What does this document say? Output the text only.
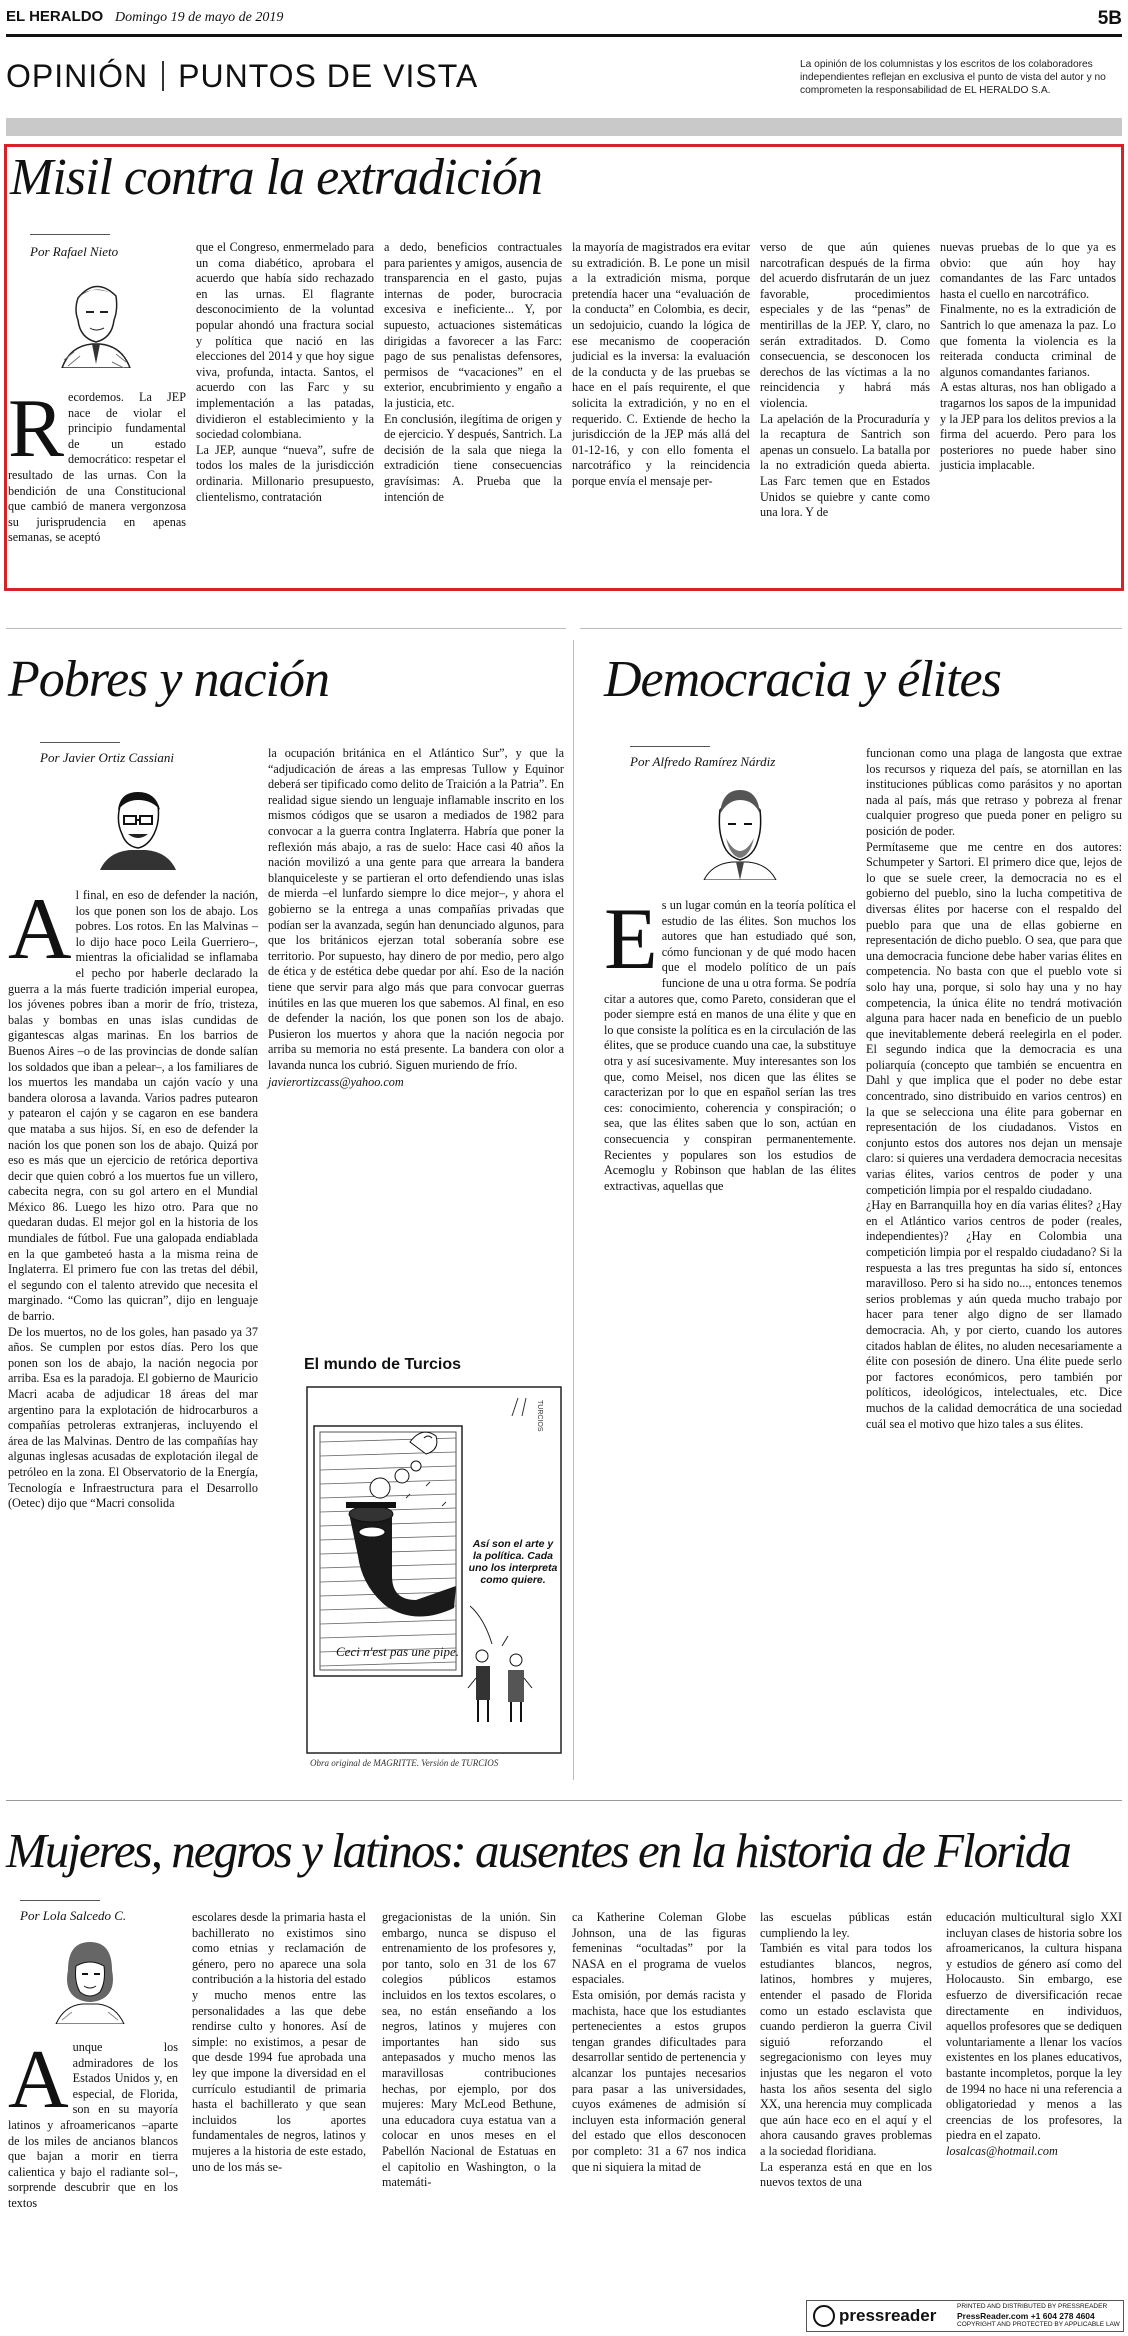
EL HERALDO Domingo 19 de mayo de 2019	5B
OPINIÓN PUNTOS DE VISTA	La opinión de los columnistas y los escritos de los colaboradores independientes reflejan en exclusiva el punto de vista del autor y no comprometen la responsabilidad de EL HERALDO S.A.
Misil contra la extradición
Por Rafael Nieto
Recordemos. La JEP nace de violar el principio fundamental de un estado democrático: respetar el resultado de las urnas. Con la bendición de una Constitucional que cambió de manera vergonzosa su jurisprudencia en apenas semanas, se aceptó
que el Congreso, enmermelado para un coma diabético, aprobara el acuerdo que había sido rechazado en las urnas. El flagrante desconocimiento de la voluntad popular ahondó una fractura social y política que nació en las elecciones del 2014 y que hoy sigue viva, profunda, intacta. Santos, el acuerdo con las Farc y su implementación a las patadas, dividieron el establecimiento y la sociedad colombiana.
La JEP, aunque “nueva”, sufre de todos los males de la jurisdicción ordinaria. Millonario presupuesto, clientelismo, contratación
a dedo, beneficios contractuales para parientes y amigos, ausencia de transparencia en el gasto, pujas internas de poder, burocracia excesiva e ineficiente... Y, por supuesto, actuaciones sistemáticas dirigidas a favorecer a las Farc: pago de sus penalistas defensores, permisos de “vacaciones” en el exterior, encubrimiento y engaño a la justicia, etc.
En conclusión, ilegítima de origen y de ejercicio. Y después, Santrich. La decisión de la sala que niega la extradición tiene consecuencias gravísimas: A. Prueba que la intención de
la mayoría de magistrados era evitar su extradición. B. Le pone un misil a la extradición misma, porque pretendía hacer una “evaluación de la conducta” en Colombia, es decir, un sedojuicio, cuando la lógica de ese mecanismo de cooperación judicial es la inversa: la evaluación de la conducta y de las pruebas se hace en el país requirente, el que solicita la extradición, y no en el requerido. C. Extiende de hecho la jurisdicción de la JEP más allá del 01-12-16, y con ello fomenta el narcotráfico y la reincidencia porque envía el mensaje per-
verso de que aún quienes narcotrafican después de la firma del acuerdo disfrutarán de un juez favorable, procedimientos especiales y de las “penas” de mentirillas de la JEP. Y, claro, no serán extraditados. D. Como consecuencia, se desconocen los derechos de las víctimas a la no reincidencia y habrá más violencia.
La apelación de la Procuraduría y la recaptura de Santrich son apenas un consuelo. La batalla por la no extradición queda abierta. Las Farc temen que en Estados Unidos se quiebre y cante como una lora. Y de
nuevas pruebas de lo que ya es obvio: que aún hoy hay comandantes de las Farc untados hasta el cuello en narcotráfico.
Finalmente, no es la extradición de Santrich lo que amenaza la paz. Lo que fomenta la violencia es la reiterada conducta criminal de algunos comandantes farianos.
A estas alturas, nos han obligado a tragarnos los sapos de la impunidad y la JEP para los delitos previos a la firma del acuerdo. Pero para los posteriores no puede haber sino justicia implacable.
Pobres y nación
Por Javier Ortiz Cassiani
Al final, en eso de defender la nación, los que ponen son los de abajo. Los pobres. Los rotos. En las Malvinas –lo dijo hace poco Leila Guerriero–, mientras la oficialidad se inflamaba el pecho por haberle declarado la guerra a la más fuerte tradición imperial europea, los jóvenes pobres iban a morir de frío, tristeza, balas y bombas en unas islas cundidas de gigantescas algas marinas. En los barrios de Buenos Aires –o de las provincias de donde salían los soldados que iban a pelear–, a los familiares de los muertos les mandaba un cajón vacío y una bandera olorosa a lavanda. Varios padres putearon y patearon el cajón y se cagaron en ese bandera que mataba a sus hijos. Sí, en eso de defender la nación los que ponen son los de abajo. Quizá por eso es más que un ejercicio de retórica deportiva decir que quien cobró a los muertos fue un villero, cabecita negra, con su gol artero en el Mundial México 86. Luego les hizo otro. Para que no quedaran dudas. El mejor gol en la historia de los mundiales de fútbol. Fue una galopada endiablada en la que gambeteó hasta a la misma reina de Inglaterra. El primero fue con las tretas del débil, el segundo con el talento atrevido que necesita el marginado. “Como las quicran”, dijo en lenguaje de barrio.
De los muertos, no de los goles, han pasado ya 37 años. Se cumplen por estos días. Pero los que ponen son los de abajo, la nación negocia por arriba. Esa es la paradoja. El gobierno de Mauricio Macri acaba de adjudicar 18 áreas del mar argentino para la explotación de hidrocarburos a compañías petroleras extranjeras, incluyendo el área de las Malvinas. Dentro de las compañías hay algunas inglesas acusadas de explotación ilegal de petróleo en la zona. El Observatorio de la Energía, Tecnología e Infraestructura para el Desarrollo (Oetec) dijo que “Macri consolida
la ocupación británica en el Atlántico Sur”, y que la “adjudicación de áreas a las empresas Tullow y Equinor deberá ser tipificado como delito de Traición a la Patria”. En realidad sigue siendo un lenguaje inflamable inscrito en los mismos códigos que se usaron a mediados de 1982 para convocar a la guerra contra Inglaterra. Habría que poner la reflexión más abajo, a ras de suelo: Hace casi 40 años la nación movilizó a una gente para que arreara la bandera blanquiceleste y se partieran el orto defendiendo unas islas de mierda –el lunfardo siempre lo dice mejor–, y ahora el gobierno se la entrega a unas compañías privadas que podían ser la avanzada, según han denunciado algunos, para que los británicos ejerzan total soberanía sobre ese territorio. Por supuesto, hay dinero de por medio, pero algo de ética y de estética debe quedar por ahí. Eso de la nación tiene que servir para algo más que para convocar guerras inútiles en las que mueren los que sabemos. Al final, en eso de defender la nación, los que ponen son los de abajo. Pusieron los muertos y ahora que la nación negocia por arriba su memoria no está presente. La bandera con olor a lavanda nunca los cubrió. Siguen muriendo de frío.
javierortizcass@yahoo.com
El mundo de Turcios
Ceci n'est pas une pipe.
TURCIOS
Así son el arte y la política. Cada uno los interpreta como quiere.
Obra original de MAGRITTE. Versión de TURCIOS
Democracia y élites
Por Alfredo Ramírez Nárdiz
Es un lugar común en la teoría política el estudio de las élites. Son muchos los autores que han estudiado qué son, cómo funcionan y de qué modo hacen que el modelo político de un país funcione de una u otra forma. Se podría citar a autores que, como Pareto, consideran que el poder siempre está en manos de una élite y que en lo que consiste la política es en la circulación de las élites, que se produce cuando una cae, la substituye otra y así sucesivamente. Muy interesantes son los que, como Meisel, nos dicen que las élites se caracterizan por lo que en español serían las tres ces: conocimiento, coherencia y conspiración; o sea, que las élites saben que lo son, actúan en consecuencia y conspiran permanentemente. Recientes y populares son los estudios de Acemoglu y Robinson que hablan de las élites extractivas, aquellas que
funcionan como una plaga de langosta que extrae los recursos y riqueza del país, se atornillan en las instituciones públicas como parásitos y no aportan nada al país, más que retraso y pobreza al frenar cualquier progreso que pueda poner en peligro su posición de poder.
Permítaseme que me centre en dos autores: Schumpeter y Sartori. El primero dice que, lejos de lo que se suele creer, la democracia no es el gobierno del pueblo, sino la lucha competitiva de diversas élites por hacerse con el respaldo del pueblo para que una de ellas gobierne en representación de dicho pueblo. O sea, que para que una democracia funcione debe haber varias élites en competencia. No basta con que el pueblo vote si solo hay una, porque, si solo hay una y no hay competencia, la única élite no tendrá motivación alguna para hacer nada en beneficio de un pueblo que inevitablemente deberá reelegirla en el poder. El segundo indica que la democracia es una poliarquía (concepto que también se encuentra en Dahl y que implica que el poder no debe estar concentrado, sino distribuido en varios centros) en la que se selecciona una élite para gobernar en representación de los ciudadanos. Vistos en conjunto estos dos autores nos dejan un mensaje claro: si quieres una verdadera democracia necesitas varias élites, varios centros de poder y una competición limpia por el respaldo ciudadano.
¿Hay en Barranquilla hoy en día varias élites? ¿Hay en el Atlántico varios centros de poder (reales, independientes)? ¿Hay en Colombia una competición limpia por el respaldo ciudadano? Si la respuesta a las tres preguntas ha sido sí, entonces maravilloso. Pero si ha sido no..., entonces tenemos serios problemas y aún queda mucho trabajo por hacer para tener algo digno de ser llamado democracia. Ah, y por cierto, cuando los autores citados hablan de élites, no aluden necesariamente a élite con posesión de dinero. Una élite puede serlo por factores económicos, pero también por políticos, ideológicos, intelectuales, etc. Dice muchos de la calidad democrática de una sociedad cuál sea el motivo que hizo tales a sus élites.
Mujeres, negros y latinos: ausentes en la historia de Florida
Por Lola Salcedo C.
Aunque los admiradores de los Estados Unidos y, en especial, de Florida, son en su mayoría latinos y afroamericanos –aparte de los miles de ancianos blancos que bajan a morir en tierra calientica y bajo el radiante sol–, sorprende descubrir que en los textos
escolares desde la primaria hasta el bachillerato no existimos sino como etnias y reclamación de género, pero no aparece una sola contribución a la historia del estado y mucho menos entre las personalidades a las que debe rendirse culto y honores. Así de simple: no existimos, a pesar de que desde 1994 fue aprobada una ley que impone la diversidad en el currículo estudiantil de primaria hasta el bachillerato y que sean incluidos los aportes fundamentales de negros, latinos y mujeres a la historia de este estado, uno de los más se-
gregacionistas de la unión. Sin embargo, nunca se dispuso el entrenamiento de los profesores y, por tanto, solo en 31 de los 67 colegios públicos estamos incluidos en los textos escolares, o sea, no están enseñando a los negros, latinos y mujeres con importantes han sido sus antepasados y mucho menos las maravillosas contribuciones hechas, por ejemplo, por dos mujeres: Mary McLeod Bethune, una educadora cuya estatua van a colocar en unos meses en el Pabellón Nacional de Estatuas en el capitolio en Washington, o la matemáti-
ca Katherine Coleman Globe Johnson, una de las figuras femeninas “ocultadas” por la NASA en el programa de vuelos espaciales.
Esta omisión, por demás racista y machista, hace que los estudiantes pertenecientes a estos grupos tengan grandes dificultades para desarrollar sentido de pertenencia y alcanzar los puntajes necesarios para pasar a las universidades, cuyos exámenes de admisión sí incluyen esta información general del estado que ellos desconocen por completo: 31 a 67 nos indica que ni siquiera la mitad de
las escuelas públicas están cumpliendo la ley.
También es vital para todos los estudiantes blancos, negros, latinos, hombres y mujeres, entender el pasado de Florida como un estado esclavista que cuando perdieron la guerra Civil siguió reforzando el segregacionismo con leyes muy injustas que les negaron el voto hasta los años sesenta del siglo XX, una herencia muy complicada que aún hace eco en el aquí y el ahora causando graves problemas a la sociedad floridiana.
La esperanza está en que en los nuevos textos de una
educación multicultural siglo XXI incluyan clases de historia sobre los afroamericanos, la cultura hispana y estudios de género así como del Holocausto. Sin embargo, ese esfuerzo de diversificación recae directamente en individuos, aquellos profesores que se dediquen voluntariamente a llenar los vacíos existentes en los planes educativos, bastante incompletos, porque la ley de 1994 no hace ni una referencia a obligatoriedad y menos a las creencias de los profesores, la piedra en el zapato.
losalcas@hotmail.com
pressreader	PRINTED AND DISTRIBUTED BY PRESSREADER
PressReader.com +1 604 278 4604
COPYRIGHT AND PROTECTED BY APPLICABLE LAW
